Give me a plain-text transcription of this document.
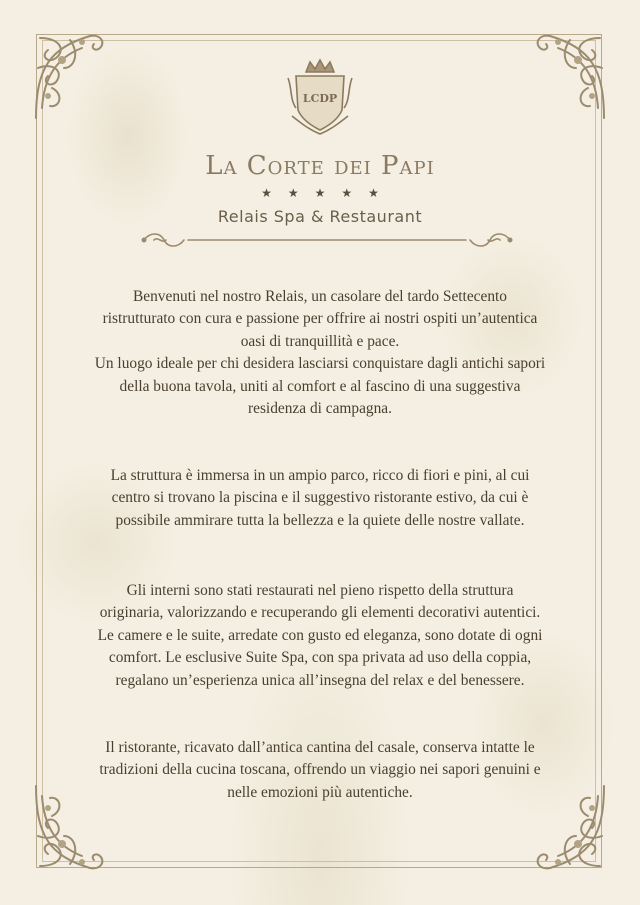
LCDP
La Corte dei Papi
★★★★★
Relais Spa & Restaurant
Benvenuti nel nostro Relais, un casolare del tardo Settecento
ristrutturato con cura e passione per offrire ai nostri ospiti un’autentica
oasi di tranquillità e pace.
Un luogo ideale per chi desidera lasciarsi conquistare dagli antichi sapori
della buona tavola, uniti al comfort e al fascino di una suggestiva
residenza di campagna.
La struttura è immersa in un ampio parco, ricco di fiori e pini, al cui
centro si trovano la piscina e il suggestivo ristorante estivo, da cui è
possibile ammirare tutta la bellezza e la quiete delle nostre vallate.
Gli interni sono stati restaurati nel pieno rispetto della struttura
originaria, valorizzando e recuperando gli elementi decorativi autentici.
Le camere e le suite, arredate con gusto ed eleganza, sono dotate di ogni
comfort. Le esclusive Suite Spa, con spa privata ad uso della coppia,
regalano un’esperienza unica all’insegna del relax e del benessere.
Il ristorante, ricavato dall’antica cantina del casale, conserva intatte le
tradizioni della cucina toscana, offrendo un viaggio nei sapori genuini e
nelle emozioni più autentiche.
